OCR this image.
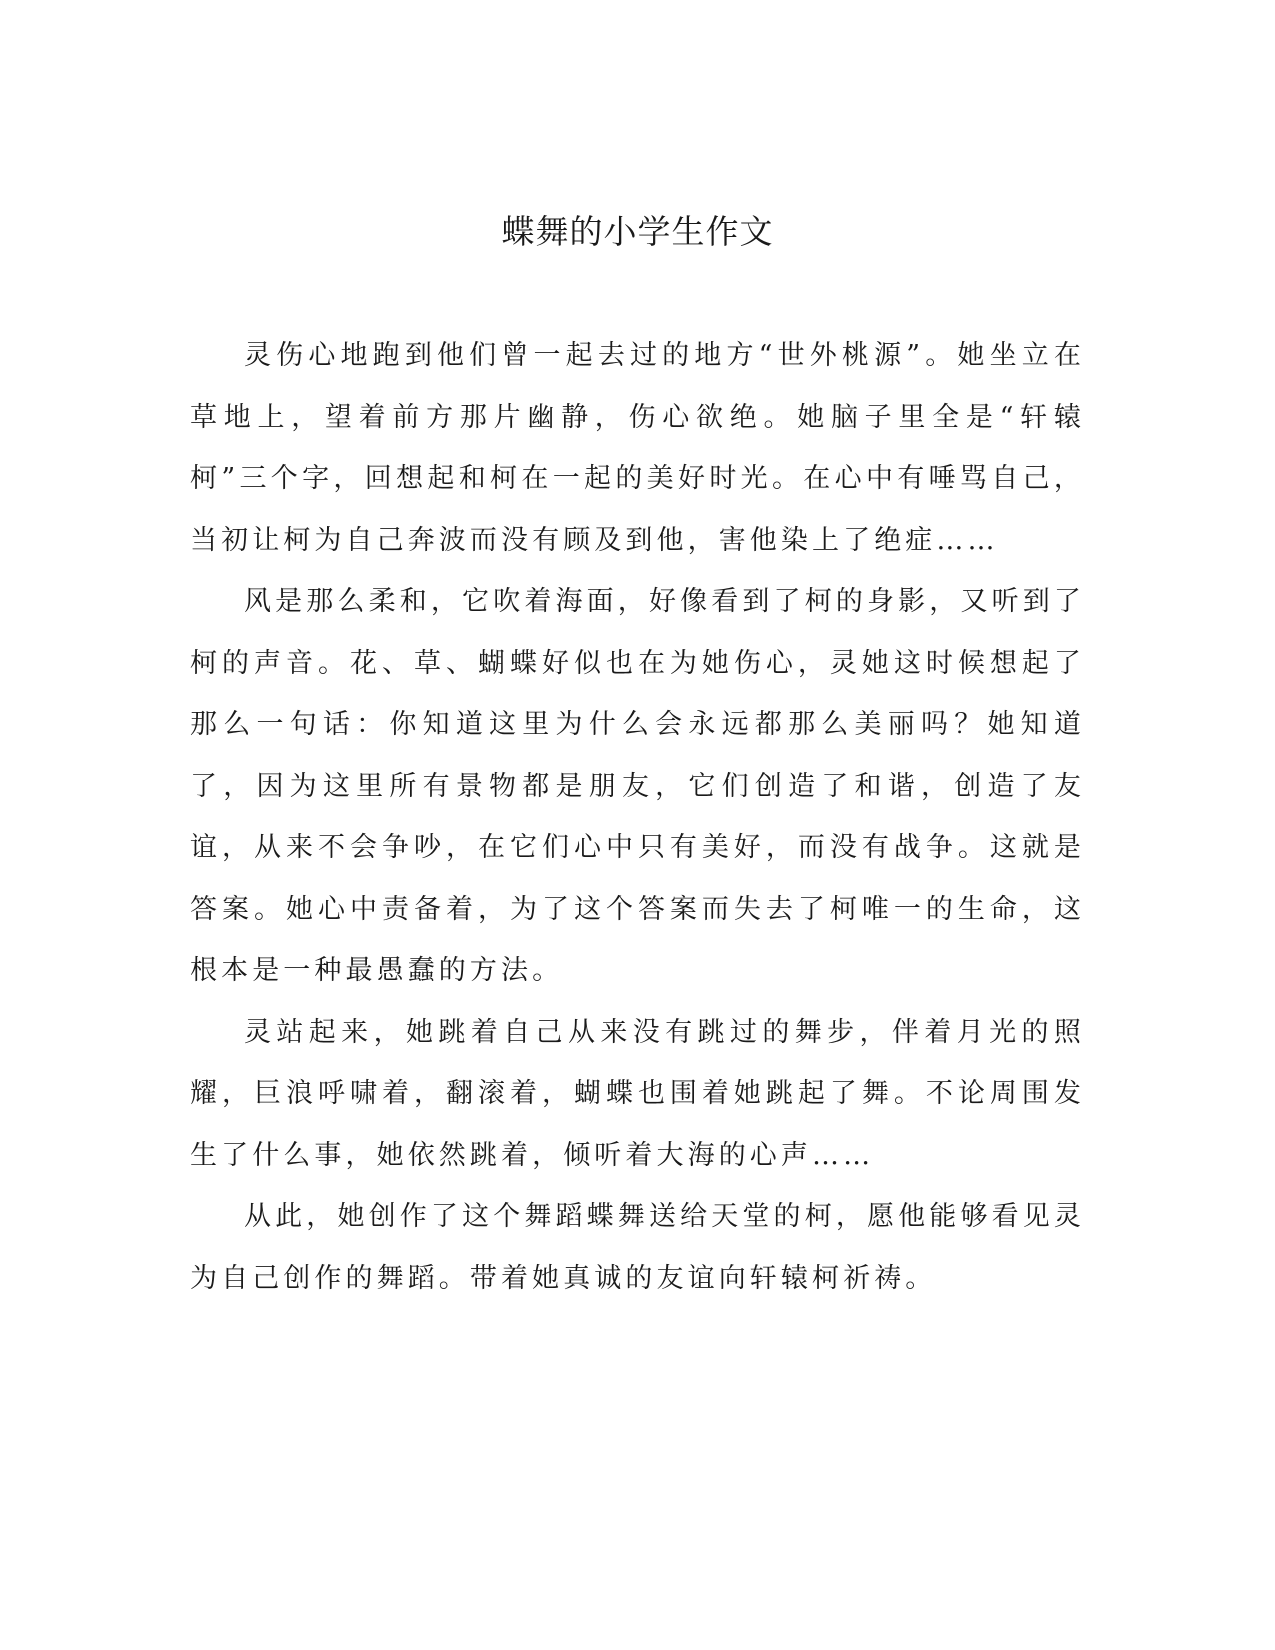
蝶舞的小学生作文

灵伤心地跑到他们曾一起去过的地方“世外桃源”。她坐立在草地上，望着前方那片幽静，伤心欲绝。她脑子里全是“轩辕柯”三个字，回想起和柯在一起的美好时光。在心中有唾骂自己，当初让柯为自己奔波而没有顾及到他，害他染上了绝症……

风是那么柔和，它吹着海面，好像看到了柯的身影，又听到了柯的声音。花、草、蝴蝶好似也在为她伤心，灵她这时候想起了那么一句话：你知道这里为什么会永远都那么美丽吗？她知道了，因为这里所有景物都是朋友，它们创造了和谐，创造了友谊，从来不会争吵，在它们心中只有美好，而没有战争。这就是答案。她心中责备着，为了这个答案而失去了柯唯一的生命，这根本是一种最愚蠢的方法。

灵站起来，她跳着自己从来没有跳过的舞步，伴着月光的照耀，巨浪呼啸着，翻滚着，蝴蝶也围着她跳起了舞。不论周围发生了什么事，她依然跳着，倾听着大海的心声……

从此，她创作了这个舞蹈蝶舞送给天堂的柯，愿他能够看见灵为自己创作的舞蹈。带着她真诚的友谊向轩辕柯祈祷。
